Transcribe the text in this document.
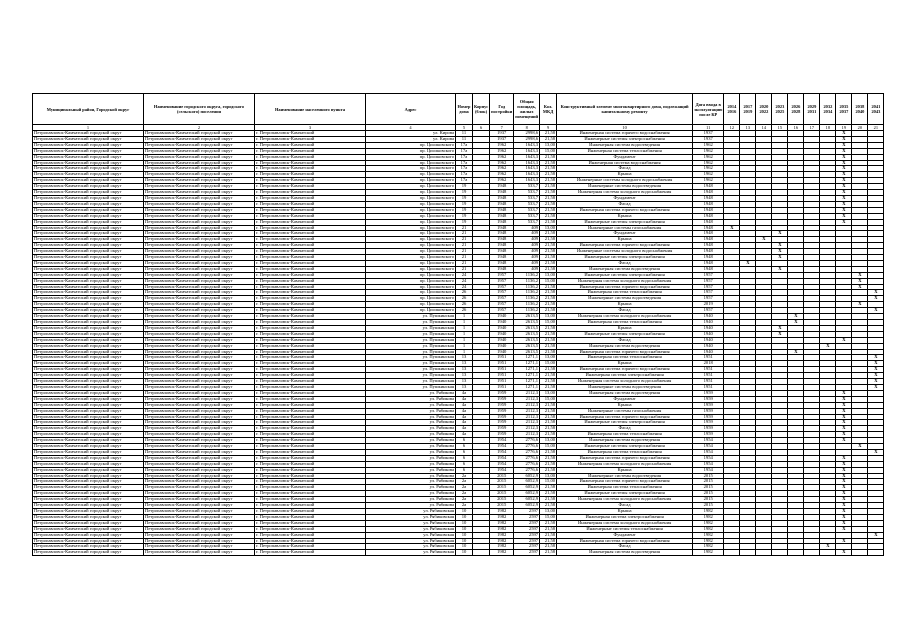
Муниципальный район, Городской округ	Наименование городского округа, городского (сельского) поселения	Наименование населенного пункта	Адрес	Номер дома	Корпус (блок)	Год постройки	Общая площадь, жилых помещений	Кол. МКД	Конструктивный элемент многоквартирного дома, подлежащий капитальному ремонту	Дата ввода в эксплуатацию после КР	2014 2016	2017 2019	2020 2022	2023 2025	2026 2028	2029 2031	2032 2034	2035 2037	2038 2040	2041 2043
1	2	3	4	5	6	7	8	9	10	11	12	13	14	15	16	17	18	19	20	21
Петропавловск-Камчатский городской округ	Петропавловск-Камчатский городской округ	г. Петропавловск-Камчатский	ул. Кирова	11		1937	2998,6	21,58	Инженерная система горячего водоснабжения	1937								X		
Петропавловск-Камчатский городской округ	Петропавловск-Камчатский городской округ	г. Петропавловск-Камчатский	ул. Кирова	11		1937	2998,6	21,58	Инженерные системы электроснабжения	1937								X		
Петропавловск-Камчатский городской округ	Петропавловск-Камчатский городской округ	г. Петропавловск-Камчатский	пр. Циолковского	17а		1962	1643,3	13,00	Инженерная система водоотведения	1962								X		
Петропавловск-Камчатский городской округ	Петропавловск-Камчатский городской округ	г. Петропавловск-Камчатский	пр. Циолковского	17а		1962	1643,3	15,00	Инженерная система теплоснабжения	1962								X		
Петропавловск-Камчатский городской округ	Петропавловск-Камчатский городской округ	г. Петропавловск-Камчатский	пр. Циолковского	17а		1962	1643,3	21,58	Фундамент	1962								X		
Петропавловск-Камчатский городской округ	Петропавловск-Камчатский городской округ	г. Петропавловск-Камчатский	пр. Циолковского	17а		1962	1643,3	21,58	Инженерная система водоснабжения	1962								X		
Петропавловск-Камчатский городской округ	Петропавловск-Камчатский городской округ	г. Петропавловск-Камчатский	пр. Циолковского	17а		1962	1643,3	21,58	Фасад	1962								X		
Петропавловск-Камчатский городской округ	Петропавловск-Камчатский городской округ	г. Петропавловск-Камчатский	пр. Циолковского	17а		1962	1643,3	21,58	Крыша	1962								X		
Петропавловск-Камчатский городской округ	Петропавловск-Камчатский городской округ	г. Петропавловск-Камчатский	пр. Циолковского	17а		1962	1643,3	21,58	Инженерные системы холодного водоснабжения	1962								X		
Петропавловск-Камчатский городской округ	Петропавловск-Камчатский городской округ	г. Петропавловск-Камчатский	пр. Циолковского	19		1948	533,7	21,58	Инженерные системы водоотведения	1948								X		
Петропавловск-Камчатский городской округ	Петропавловск-Камчатский городской округ	г. Петропавловск-Камчатский	пр. Циолковского	19		1948	533,7	21,58	Инженерная система холодного водоснабжения	1948								X		
Петропавловск-Камчатский городской округ	Петропавловск-Камчатский городской округ	г. Петропавловск-Камчатский	пр. Циолковского	19		1948	533,7	21,58	Фундамент	1948								X		
Петропавловск-Камчатский городской округ	Петропавловск-Камчатский городской округ	г. Петропавловск-Камчатский	пр. Циолковского	19		1948	533,7	21,58	Фасад	1948								X		
Петропавловск-Камчатский городской округ	Петропавловск-Камчатский городской округ	г. Петропавловск-Камчатский	пр. Циолковского	19		1948	533,7	21,58	Инженерная система горячего водоснабжения	1948								X		
Петропавловск-Камчатский городской округ	Петропавловск-Камчатский городской округ	г. Петропавловск-Камчатский	пр. Циолковского	19		1948	533,7	21,58	Крыша	1948								X		
Петропавловск-Камчатский городской округ	Петропавловск-Камчатский городской округ	г. Петропавловск-Камчатский	пр. Циолковского	19		1948	533,7	21,58	Инженерные системы электроснабжения	1948								X		
Петропавловск-Камчатский городской округ	Петропавловск-Камчатский городской округ	г. Петропавловск-Камчатский	пр. Циолковского	21		1948	409	13,00	Инженерные системы газоснабжения	1948	X									
Петропавловск-Камчатский городской округ	Петропавловск-Камчатский городской округ	г. Петропавловск-Камчатский	пр. Циолковского	21		1948	409	21,58	Фундамент	1948				X						
Петропавловск-Камчатский городской округ	Петропавловск-Камчатский городской округ	г. Петропавловск-Камчатский	пр. Циолковского	21		1948	409	21,58	Крыша	1948			X							
Петропавловск-Камчатский городской округ	Петропавловск-Камчатский городской округ	г. Петропавловск-Камчатский	пр. Циолковского	21		1948	409	21,58	Инженерная система горячего водоснабжения	1948				X						
Петропавловск-Камчатский городской округ	Петропавловск-Камчатский городской округ	г. Петропавловск-Камчатский	пр. Циолковского	21		1948	409	21,58	Инженерные системы холодного водоснабжения	1948				X						
Петропавловск-Камчатский городской округ	Петропавловск-Камчатский городской округ	г. Петропавловск-Камчатский	пр. Циолковского	21		1948	409	21,58	Инженерные системы электроснабжения	1948				X						
Петропавловск-Камчатский городской округ	Петропавловск-Камчатский городской округ	г. Петропавловск-Камчатский	пр. Циолковского	21		1948	409	21,58	Фасад	1948		X								
Петропавловск-Камчатский городской округ	Петропавловск-Камчатский городской округ	г. Петропавловск-Камчатский	пр. Циолковского	21		1948	409	21,58	Инженерная система водоотведения	1948				X						
Петропавловск-Камчатский городской округ	Петропавловск-Камчатский городской округ	г. Петропавловск-Камчатский	пр. Циолковского	24		1957	1136,2	13,00	Инженерные системы электроснабжения	1957									X	
Петропавловск-Камчатский городской округ	Петропавловск-Камчатский городской округ	г. Петропавловск-Камчатский	пр. Циолковского	24		1957	1136,2	15,00	Инженерная система холодного водоснабжения	1957									X	
Петропавловск-Камчатский городской округ	Петропавловск-Камчатский городской округ	г. Петропавловск-Камчатский	пр. Циолковского	24		1957	1136,2	21,58	Инженерная система горячего водоснабжения	1957									X	
Петропавловск-Камчатский городской округ	Петропавловск-Камчатский городской округ	г. Петропавловск-Камчатский	пр. Циолковского	26		1957	1136,2	21,58	Инженерная система теплоснабжения	1957										X
Петропавловск-Камчатский городской округ	Петропавловск-Камчатский городской округ	г. Петропавловск-Камчатский	пр. Циолковского	26		1957	1136,2	21,58	Инженерные системы водоотведения	1957										X
Петропавловск-Камчатский городской округ	Петропавловск-Камчатский городской округ	г. Петропавловск-Камчатский	пр. Циолковского	26		1957	1136,2	21,58	Крыша	2019									X	
Петропавловск-Камчатский городской округ	Петропавловск-Камчатский городской округ	г. Петропавловск-Камчатский	пр. Циолковского	26		1957	1136,2	21,58	Фасад	1957										X
Петропавловск-Камчатский городской округ	Петропавловск-Камчатский городской округ	г. Петропавловск-Камчатский	ул. Пушкинская	1		1940	2613,5	13,00	Инженерная система холодного водоснабжения	1940					X					
Петропавловск-Камчатский городской округ	Петропавловск-Камчатский городской округ	г. Петропавловск-Камчатский	ул. Пушкинская	1		1940	2613,5	15,00	Инженерная система теплоснабжения	1940					X					
Петропавловск-Камчатский городской округ	Петропавловск-Камчатский городской округ	г. Петропавловск-Камчатский	ул. Пушкинская	1		1940	2613,5	21,58	Крыша	1940				X						
Петропавловск-Камчатский городской округ	Петропавловск-Камчатский городской округ	г. Петропавловск-Камчатский	ул. Пушкинская	1		1940	2613,5	21,58	Инженерные системы электроснабжения	1940				X						
Петропавловск-Камчатский городской округ	Петропавловск-Камчатский городской округ	г. Петропавловск-Камчатский	ул. Пушкинская	1		1940	2613,5	21,58	Фасад	1940								X		
Петропавловск-Камчатский городской округ	Петропавловск-Камчатский городской округ	г. Петропавловск-Камчатский	ул. Пушкинская	1		1940	2613,5	21,58	Инженерная система водоотведения	1940							X			
Петропавловск-Камчатский городской округ	Петропавловск-Камчатский городской округ	г. Петропавловск-Камчатский	ул. Пушкинская	1		1940	2613,5	21,58	Инженерная система горячего водоснабжения	1940					X					
Петропавловск-Камчатский городской округ	Петропавловск-Камчатский городской округ	г. Петропавловск-Камчатский	ул. Пушкинская	13		1951	1271,1	13,00	Инженерная система теплоснабжения	1951										X
Петропавловск-Камчатский городской округ	Петропавловск-Камчатский городской округ	г. Петропавловск-Камчатский	ул. Пушкинская	13		1951	1271,1	15,00	Крыша	2018										X
Петропавловск-Камчатский городской округ	Петропавловск-Камчатский городской округ	г. Петропавловск-Камчатский	ул. Пушкинская	13		1951	1271,1	21,58	Инженерная система горячего водоснабжения	1951										X
Петропавловск-Камчатский городской округ	Петропавловск-Камчатский городской округ	г. Петропавловск-Камчатский	ул. Пушкинская	13		1951	1271,1	21,58	Инженерная система электроснабжения	1951										X
Петропавловск-Камчатский городской округ	Петропавловск-Камчатский городской округ	г. Петропавловск-Камчатский	ул. Пушкинская	13		1951	1271,1	21,58	Инженерная система холодного водоснабжения	1951										X
Петропавловск-Камчатский городской округ	Петропавловск-Камчатский городской округ	г. Петропавловск-Камчатский	ул. Пушкинская	13		1951	1271,1	21,58	Инженерные системы водоотведения	1951										X
Петропавловск-Камчатский городской округ	Петропавловск-Камчатский городской округ	г. Петропавловск-Камчатский	ул. Рябикова	4а		1959	2112,3	13,00	Инженерная система водоотведения	1959								X		
Петропавловск-Камчатский городской округ	Петропавловск-Камчатский городской округ	г. Петропавловск-Камчатский	ул. Рябикова	4а		1959	2112,3	15,00	Фундамент	1959								X		
Петропавловск-Камчатский городской округ	Петропавловск-Камчатский городской округ	г. Петропавловск-Камчатский	ул. Рябикова	4а		1959	2112,3	21,58	Крыша	1959								X		
Петропавловск-Камчатский городской округ	Петропавловск-Камчатский городской округ	г. Петропавловск-Камчатский	ул. Рябикова	4а		1959	2112,3	21,58	Инженерные системы газоснабжения	1959								X		
Петропавловск-Камчатский городской округ	Петропавловск-Камчатский городской округ	г. Петропавловск-Камчатский	ул. Рябикова	4а		1959	2112,3	21,58	Инженерная система горячего водоснабжения	1959								X		
Петропавловск-Камчатский городской округ	Петропавловск-Камчатский городской округ	г. Петропавловск-Камчатский	ул. Рябикова	4а		1959	2112,3	21,58	Инженерные системы электроснабжения	1959								X		
Петропавловск-Камчатский городской округ	Петропавловск-Камчатский городской округ	г. Петропавловск-Камчатский	ул. Рябикова	4а		1959	2112,3	21,58	Фасад	1959								X		
Петропавловск-Камчатский городской округ	Петропавловск-Камчатский городской округ	г. Петропавловск-Камчатский	ул. Рябикова	4а		1959	2112,3	21,58	Инженерная система теплоснабжения	1959								X		
Петропавловск-Камчатский городской округ	Петропавловск-Камчатский городской округ	г. Петропавловск-Камчатский	ул. Рябикова	6		1954	2776,6	13,00	Инженерная система водоотведения	1954								X		
Петропавловск-Камчатский городской округ	Петропавловск-Камчатский городской округ	г. Петропавловск-Камчатский	ул. Рябикова	6		1954	2776,6	15,00	Инженерные системы электроснабжения	1954									X	
Петропавловск-Камчатский городской округ	Петропавловск-Камчатский городской округ	г. Петропавловск-Камчатский	ул. Рябикова	6		1954	2776,6	21,58	Инженерная система теплоснабжения	1954										X
Петропавловск-Камчатский городской округ	Петропавловск-Камчатский городской округ	г. Петропавловск-Камчатский	ул. Рябикова	6		1954	2776,6	21,58	Инженерная система горячего водоснабжения	1954								X		
Петропавловск-Камчатский городской округ	Петропавловск-Камчатский городской округ	г. Петропавловск-Камчатский	ул. Рябикова	6		1954	2776,6	21,58	Инженерная система холодного водоснабжения	1954								X		
Петропавловск-Камчатский городской округ	Петропавловск-Камчатский городской округ	г. Петропавловск-Камчатский	ул. Рябикова	6		1954	2776,6	21,58	Крыша	1954								X		
Петропавловск-Камчатский городской округ	Петропавловск-Камчатский городской округ	г. Петропавловск-Камчатский	ул. Рябикова	2а		2015	6052,9	13,00	Инженерные системы водоотведения	2015								X		
Петропавловск-Камчатский городской округ	Петропавловск-Камчатский городской округ	г. Петропавловск-Камчатский	ул. Рябикова	2а		2015	6052,9	15,00	Инженерная система горячего водоснабжения	2015								X		
Петропавловск-Камчатский городской округ	Петропавловск-Камчатский городской округ	г. Петропавловск-Камчатский	ул. Рябикова	2а		2015	6052,9	21,58	Инженерная система теплоснабжения	2015								X		
Петропавловск-Камчатский городской округ	Петропавловск-Камчатский городской округ	г. Петропавловск-Камчатский	ул. Рябикова	2а		2015	6052,9	21,58	Инженерные системы электроснабжения	2015								X		
Петропавловск-Камчатский городской округ	Петропавловск-Камчатский городской округ	г. Петропавловск-Камчатский	ул. Рябикова	2а		2015	6052,9	21,58	Инженерная система холодного водоснабжения	2015								X		
Петропавловск-Камчатский городской округ	Петропавловск-Камчатский городской округ	г. Петропавловск-Камчатский	ул. Рябикова	2а		2015	6052,9	21,58	Фасад	2015								X		
Петропавловск-Камчатский городской округ	Петропавловск-Камчатский городской округ	г. Петропавловск-Камчатский	ул. Рябиковская	10		1982	2597	13,00	Крыша	1982								X		
Петропавловск-Камчатский городской округ	Петропавловск-Камчатский городской округ	г. Петропавловск-Камчатский	ул. Рябиковская	10		1982	2597	15,00	Инженерная система электроснабжения	1982								X		
Петропавловск-Камчатский городской округ	Петропавловск-Камчатский городской округ	г. Петропавловск-Камчатский	ул. Рябиковская	10		1982	2597	21,58	Инженерная система холодного водоснабжения	1982								X		
Петропавловск-Камчатский городской округ	Петропавловск-Камчатский городской округ	г. Петропавловск-Камчатский	ул. Рябиковская	10		1982	2597	21,58	Инженерные системы теплоснабжения	1982								X		
Петропавловск-Камчатский городской округ	Петропавловск-Камчатский городской округ	г. Петропавловск-Камчатский	ул. Рябиковская	10		1982	2597	21,58	Фундамент	1982										X
Петропавловск-Камчатский городской округ	Петропавловск-Камчатский городской округ	г. Петропавловск-Камчатский	ул. Рябиковская	10		1982	2597	21,58	Инженерная система горячего водоснабжения	1982								X		
Петропавловск-Камчатский городской округ	Петропавловск-Камчатский городской округ	г. Петропавловск-Камчатский	ул. Рябиковская	10		1982	2597	21,58	Фасад	1982							X			
Петропавловск-Камчатский городской округ	Петропавловск-Камчатский городской округ	г. Петропавловск-Камчатский	ул. Рябиковская	10		1982	2597	21,58	Инженерная система водоотведения	1982								X		
